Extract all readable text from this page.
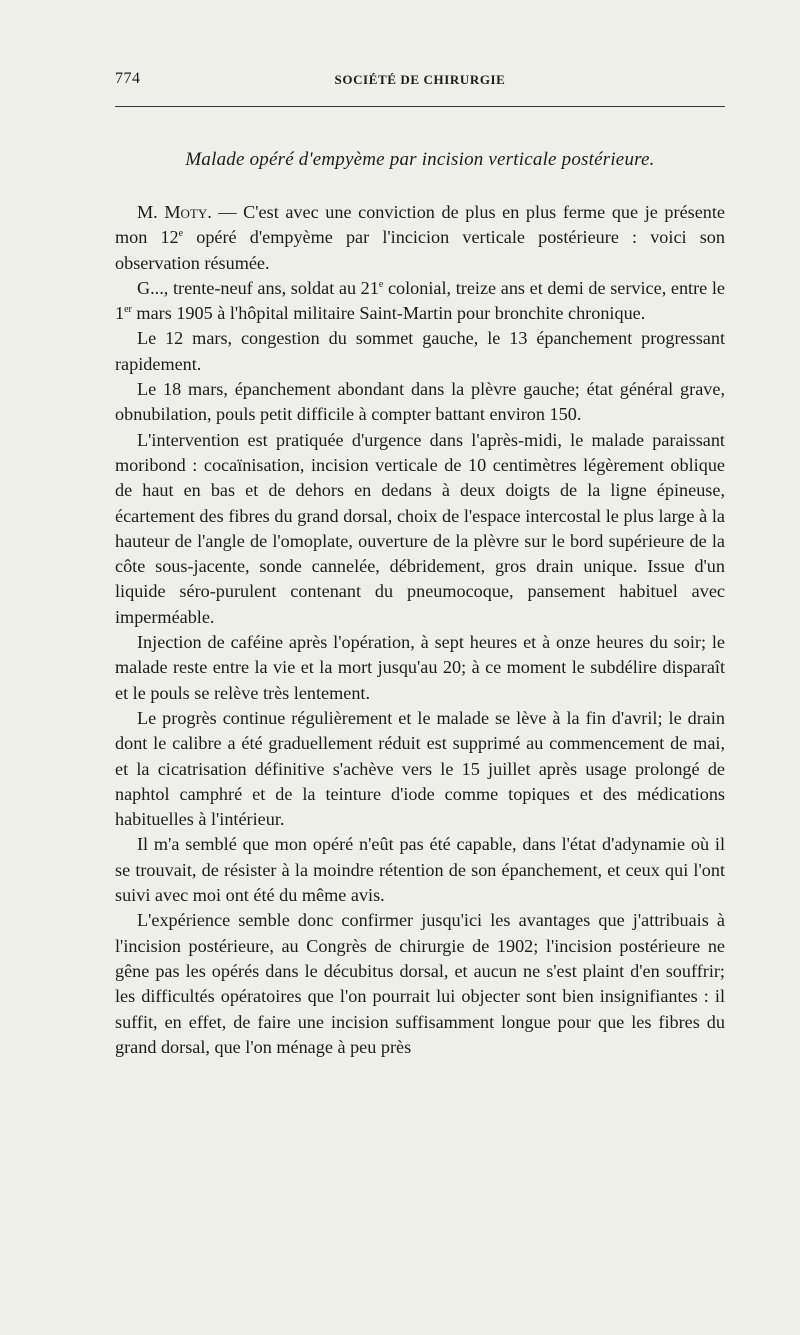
774	SOCIÉTÉ DE CHIRURGIE
Malade opéré d'empyème par incision verticale postérieure.

M. Moty. — C'est avec une conviction de plus en plus ferme que je présente mon 12e opéré d'empyème par l'incicion verticale postérieure : voici son observation résumée.

G..., trente-neuf ans, soldat au 21e colonial, treize ans et demi de service, entre le 1er mars 1905 à l'hôpital militaire Saint-Martin pour bronchite chronique.

Le 12 mars, congestion du sommet gauche, le 13 épanchement progressant rapidement.

Le 18 mars, épanchement abondant dans la plèvre gauche; état général grave, obnubilation, pouls petit difficile à compter battant environ 150.

L'intervention est pratiquée d'urgence dans l'après-midi, le malade paraissant moribond : cocaïnisation, incision verticale de 10 centimètres légèrement oblique de haut en bas et de dehors en dedans à deux doigts de la ligne épineuse, écartement des fibres du grand dorsal, choix de l'espace intercostal le plus large à la hauteur de l'angle de l'omoplate, ouverture de la plèvre sur le bord supérieure de la côte sous-jacente, sonde cannelée, débridement, gros drain unique. Issue d'un liquide séro-purulent contenant du pneumocoque, pansement habituel avec imperméable.

Injection de caféine après l'opération, à sept heures et à onze heures du soir; le malade reste entre la vie et la mort jusqu'au 20; à ce moment le subdélire disparaît et le pouls se relève très lentement.

Le progrès continue régulièrement et le malade se lève à la fin d'avril; le drain dont le calibre a été graduellement réduit est supprimé au commencement de mai, et la cicatrisation définitive s'achève vers le 15 juillet après usage prolongé de naphtol camphré et de la teinture d'iode comme topiques et des médications habituelles à l'intérieur.

Il m'a semblé que mon opéré n'eût pas été capable, dans l'état d'adynamie où il se trouvait, de résister à la moindre rétention de son épanchement, et ceux qui l'ont suivi avec moi ont été du même avis.

L'expérience semble donc confirmer jusqu'ici les avantages que j'attribuais à l'incision postérieure, au Congrès de chirurgie de 1902; l'incision postérieure ne gêne pas les opérés dans le décubitus dorsal, et aucun ne s'est plaint d'en souffrir; les difficultés opératoires que l'on pourrait lui objecter sont bien insignifiantes : il suffit, en effet, de faire une incision suffisamment longue pour que les fibres du grand dorsal, que l'on ménage à peu près
